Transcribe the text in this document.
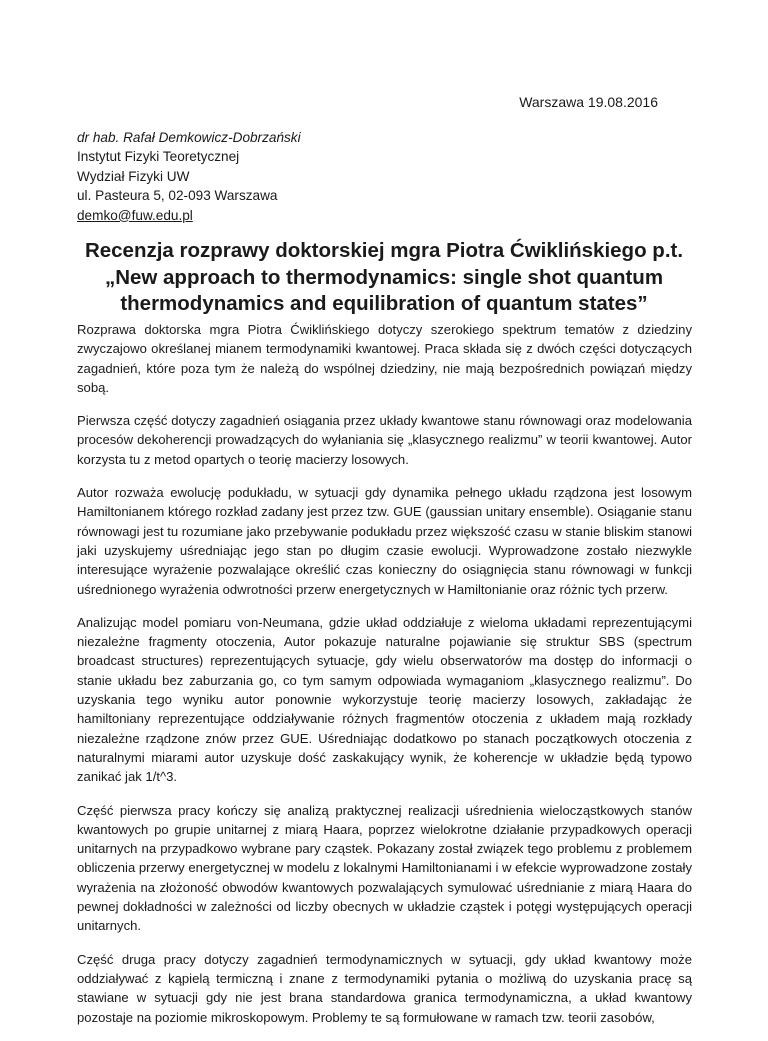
Warszawa 19.08.2016
dr hab. Rafał Demkowicz-Dobrzański
Instytut Fizyki Teoretycznej
Wydział Fizyki UW
ul. Pasteura 5, 02-093 Warszawa
demko@fuw.edu.pl
Recenzja rozprawy doktorskiej mgra Piotra Ćwiklińskiego p.t.
„New approach to thermodynamics: single shot quantum
thermodynamics and equilibration of quantum states”

Rozprawa doktorska mgra Piotra Ćwiklińskiego dotyczy szerokiego spektrum tematów z dziedziny zwyczajowo określanej mianem termodynamiki kwantowej. Praca składa się z dwóch części dotyczących zagadnień, które poza tym że należą do wspólnej dziedziny, nie mają bezpośrednich powiązań między sobą.

Pierwsza część dotyczy zagadnień osiągania przez układy kwantowe stanu równowagi oraz modelowania procesów dekoherencji prowadzących do wyłaniania się „klasycznego realizmu” w teorii kwantowej. Autor korzysta tu z metod opartych o teorię macierzy losowych.

Autor rozważa ewolucję podukładu, w sytuacji gdy dynamika pełnego układu rządzona jest losowym Hamiltonianem którego rozkład zadany jest przez tzw. GUE (gaussian unitary ensemble). Osiąganie stanu równowagi jest tu rozumiane jako przebywanie podukładu przez większość czasu w stanie bliskim stanowi jaki uzyskujemy uśredniając jego stan po długim czasie ewolucji. Wyprowadzone zostało niezwykle interesujące wyrażenie pozwalające określić czas konieczny do osiągnięcia stanu równowagi w funkcji uśrednionego wyrażenia odwrotności przerw energetycznych w Hamiltonianie oraz różnic tych przerw.

Analizując model pomiaru von-Neumana, gdzie układ oddziałuje z wieloma układami reprezentującymi niezależne fragmenty otoczenia, Autor pokazuje naturalne pojawianie się struktur SBS (spectrum broadcast structures) reprezentujących sytuacje, gdy wielu obserwatorów ma dostęp do informacji o stanie układu bez zaburzania go, co tym samym odpowiada wymaganiom „klasycznego realizmu”. Do uzyskania tego wyniku autor ponownie wykorzystuje teorię macierzy losowych, zakładając że hamiltoniany reprezentujące oddziaływanie różnych fragmentów otoczenia z układem mają rozkłady niezależne rządzone znów przez GUE. Uśredniając dodatkowo po stanach początkowych otoczenia z naturalnymi miarami autor uzyskuje dość zaskakujący wynik, że koherencje w układzie będą typowo zanikać jak 1/t^3.

Część pierwsza pracy kończy się analizą praktycznej realizacji uśrednienia wielocząstkowych stanów kwantowych po grupie unitarnej z miarą Haara, poprzez wielokrotne działanie przypadkowych operacji unitarnych na przypadkowo wybrane pary cząstek. Pokazany został związek tego problemu z problemem obliczenia przerwy energetycznej w modelu z lokalnymi Hamiltonianami i w efekcie wyprowadzone zostały wyrażenia na złożoność obwodów kwantowych pozwalających symulować uśrednianie z miarą Haara do pewnej dokładności w zależności od liczby obecnych w układzie cząstek i potęgi występujących operacji unitarnych.

Część druga pracy dotyczy zagadnień termodynamicznych w sytuacji, gdy układ kwantowy może oddziaływać z kąpielą termiczną i znane z termodynamiki pytania o możliwą do uzyskania pracę są stawiane w sytuacji gdy nie jest brana standardowa granica termodynamiczna, a układ kwantowy pozostaje na poziomie mikroskopowym. Problemy te są formułowane w ramach tzw. teorii zasobów,
